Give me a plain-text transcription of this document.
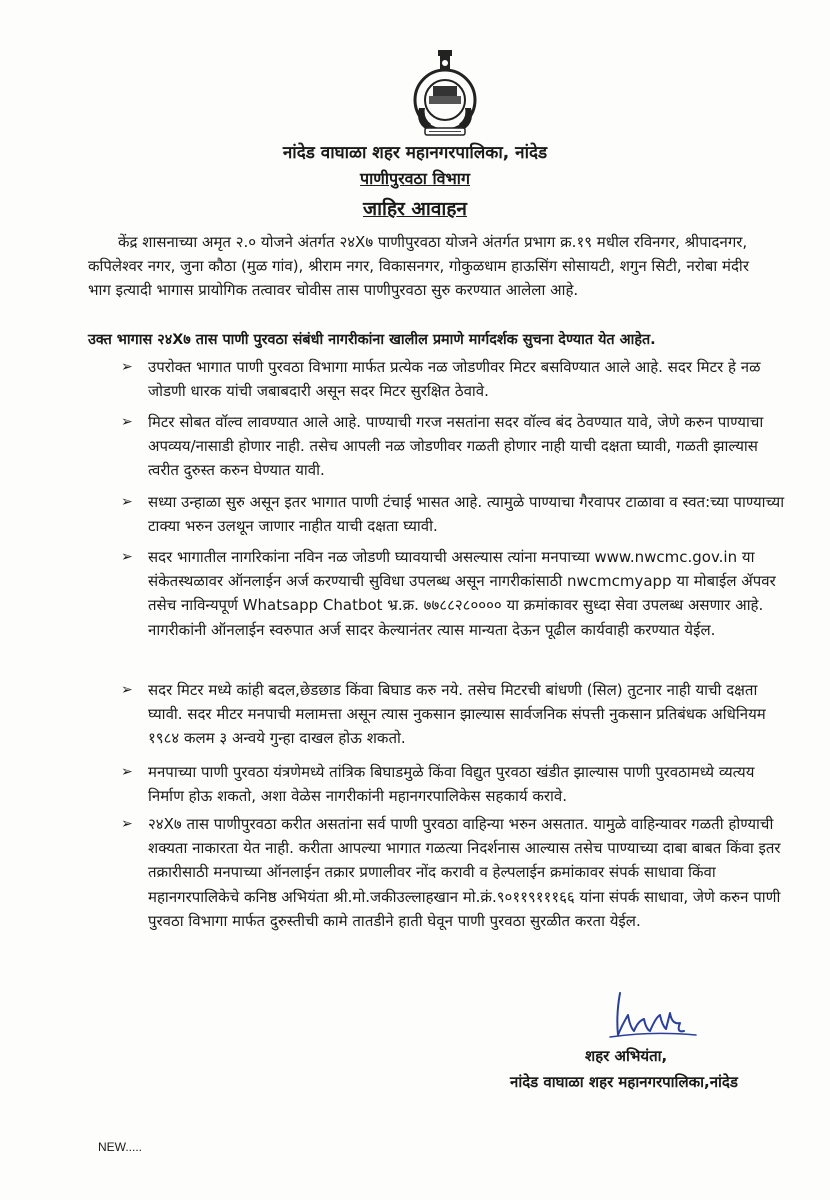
नांदेड वाघाळा शहर महानगरपालिका, नांदेड
पाणीपुरवठा विभाग
जाहिर आवाहन

केंद्र शासनाच्या अमृत २.० योजने अंतर्गत २४X७ पाणीपुरवठा योजने अंतर्गत प्रभाग क्र.१९ मधील रविनगर, श्रीपादनगर, कपिलेश्वर नगर, जुना कौठा (मुळ गांव), श्रीराम नगर, विकासनगर, गोकुळधाम हाऊसिंग सोसायटी, शगुन सिटी, नरोबा मंदीर भाग इत्यादी भागास प्रायोगिक तत्वावर चोवीस तास पाणीपुरवठा सुरु करण्यात आलेला आहे.

उक्त भागास २४X७ तास पाणी पुरवठा संबंधी नागरीकांना खालील प्रमाणे मार्गदर्शक सुचना देण्यात येत आहेत.

➢ उपरोक्त भागात पाणी पुरवठा विभागा मार्फत प्रत्येक नळ जोडणीवर मिटर बसविण्यात आले आहे. सदर मिटर हे नळ जोडणी धारक यांची जबाबदारी असून सदर मिटर सुरक्षित ठेवावे.
➢ मिटर सोबत वॉल्व लावण्यात आले आहे. पाण्याची गरज नसतांना सदर वॉल्व बंद ठेवण्यात यावे, जेणे करुन पाण्याचा अपव्यय/नासाडी होणार नाही. तसेच आपली नळ जोडणीवर गळती होणार नाही याची दक्षता घ्यावी, गळती झाल्यास त्वरीत दुरुस्त करुन घेण्यात यावी.
➢ सध्या उन्हाळा सुरु असून इतर भागात पाणी टंचाई भासत आहे. त्यामुळे पाण्याचा गैरवापर टाळावा व स्वत:च्या पाण्याच्या टाक्या भरुन उलथून जाणार नाहीत याची दक्षता घ्यावी.
➢ सदर भागातील नागरिकांना नविन नळ जोडणी घ्यावयाची असल्यास त्यांना मनपाच्या www.nwcmc.gov.in या संकेतस्थळावर ऑनलाईन अर्ज करण्याची सुविधा उपलब्ध असून नागरीकांसाठी nwcmcmyapp या मोबाईल ॲपवर तसेच नाविन्यपूर्ण Whatsapp Chatbot भ्र.क्र. ७७८८२८०००० या क्रमांकावर सुध्दा सेवा उपलब्ध असणार आहे. नागरीकांनी ऑनलाईन स्वरुपात अर्ज सादर केल्यानंतर त्यास मान्यता देऊन पूढील कार्यवाही करण्यात येईल.
➢ सदर मिटर मध्ये कांही बदल,छेडछाड किंवा बिघाड करु नये. तसेच मिटरची बांधणी (सिल) तुटनार नाही याची दक्षता घ्यावी. सदर मीटर मनपाची मलामत्ता असून त्यास नुकसान झाल्यास सार्वजनिक संपत्ती नुकसान प्रतिबंधक अधिनियम १९८४ कलम ३ अन्वये गुन्हा दाखल होऊ शकतो.
➢ मनपाच्या पाणी पुरवठा यंत्रणेमध्ये तांत्रिक बिघाडमुळे किंवा विद्युत पुरवठा खंडीत झाल्यास पाणी पुरवठामध्ये व्यत्यय निर्माण होऊ शकतो, अशा वेळेस नागरीकांनी महानगरपालिकेस सहकार्य करावे.
➢ २४X७ तास पाणीपुरवठा करीत असतांना सर्व पाणी पुरवठा वाहिन्या भरुन असतात. यामुळे वाहिन्यावर गळती होण्याची शक्यता नाकारता येत नाही. करीता आपल्या भागात गळत्या निदर्शनास आल्यास तसेच पाण्याच्या दाबा बाबत किंवा इतर तक्रारीसाठी मनपाच्या ऑनलाईन तक्रार प्रणालीवर नोंद करावी व हेल्पलाईन क्रमांकावर संपर्क साधावा किंवा महानगरपालिकेचे कनिष्ठ अभियंता श्री.मो.जकीउल्लाहखान मो.क्रं.९०११९१११६६ यांना संपर्क साधावा, जेणे करुन पाणी पुरवठा विभागा मार्फत दुरुस्तीची कामे तातडीने हाती घेवून पाणी पुरवठा सुरळीत करता येईल.
शहर अभियंता,
नांदेड वाघाळा शहर महानगरपालिका,नांदेड
NEW.....
